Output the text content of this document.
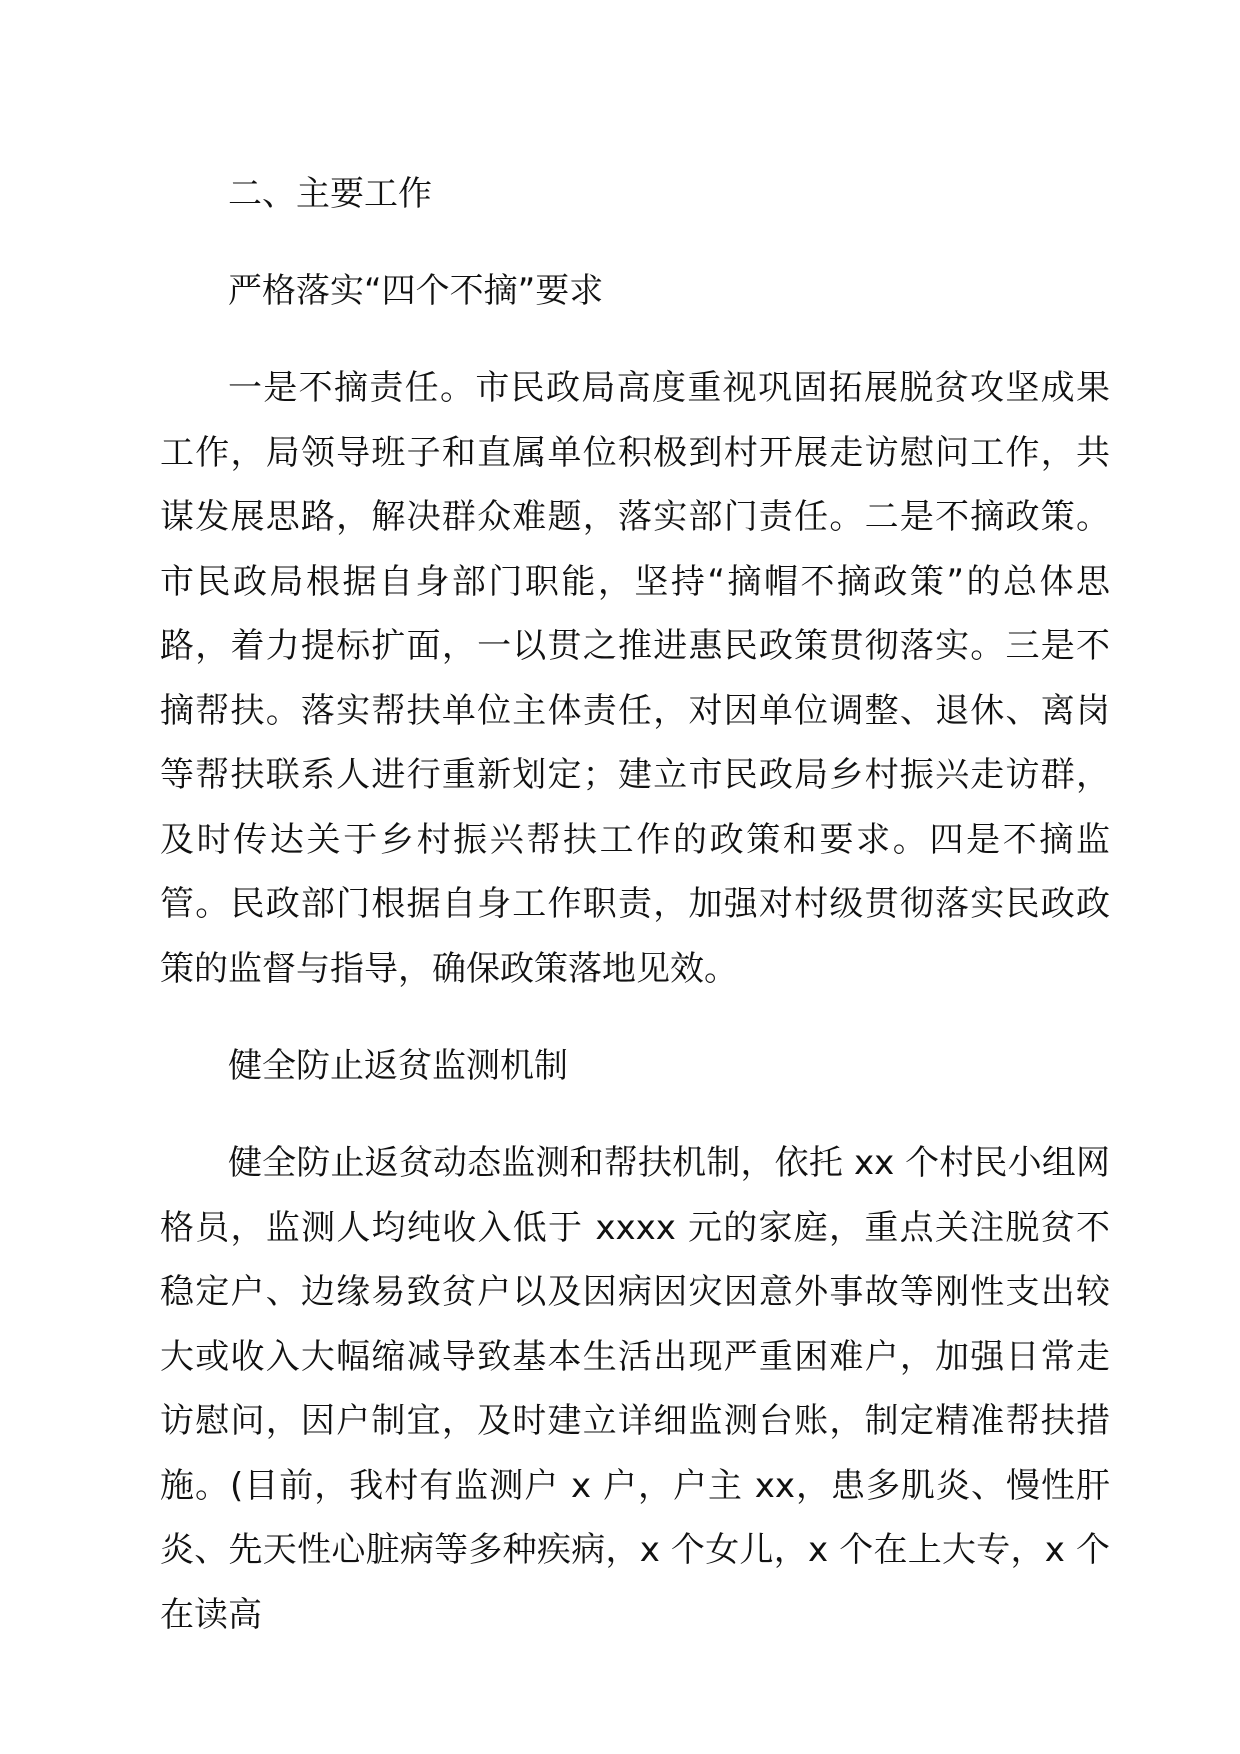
二、主要工作

严格落实“四个不摘”要求

一是不摘责任。市民政局高度重视巩固拓展脱贫攻坚成果工作，局领导班子和直属单位积极到村开展走访慰问工作，共谋发展思路，解决群众难题，落实部门责任。二是不摘政策。市民政局根据自身部门职能，坚持“摘帽不摘政策”的总体思路，着力提标扩面，一以贯之推进惠民政策贯彻落实。三是不摘帮扶。落实帮扶单位主体责任，对因单位调整、退休、离岗等帮扶联系人进行重新划定；建立市民政局乡村振兴走访群，及时传达关于乡村振兴帮扶工作的政策和要求。四是不摘监管。民政部门根据自身工作职责，加强对村级贯彻落实民政政策的监督与指导，确保政策落地见效。

健全防止返贫监测机制

健全防止返贫动态监测和帮扶机制，依托 xx 个村民小组网格员，监测人均纯收入低于 xxxx 元的家庭，重点关注脱贫不稳定户、边缘易致贫户以及因病因灾因意外事故等刚性支出较大或收入大幅缩减导致基本生活出现严重困难户，加强日常走访慰问，因户制宜，及时建立详细监测台账，制定精准帮扶措施。(目前，我村有监测户 x 户，户主 xx，患多肌炎、慢性肝炎、先天性心脏病等多种疾病，x 个女儿，x 个在上大专，x 个在读高
